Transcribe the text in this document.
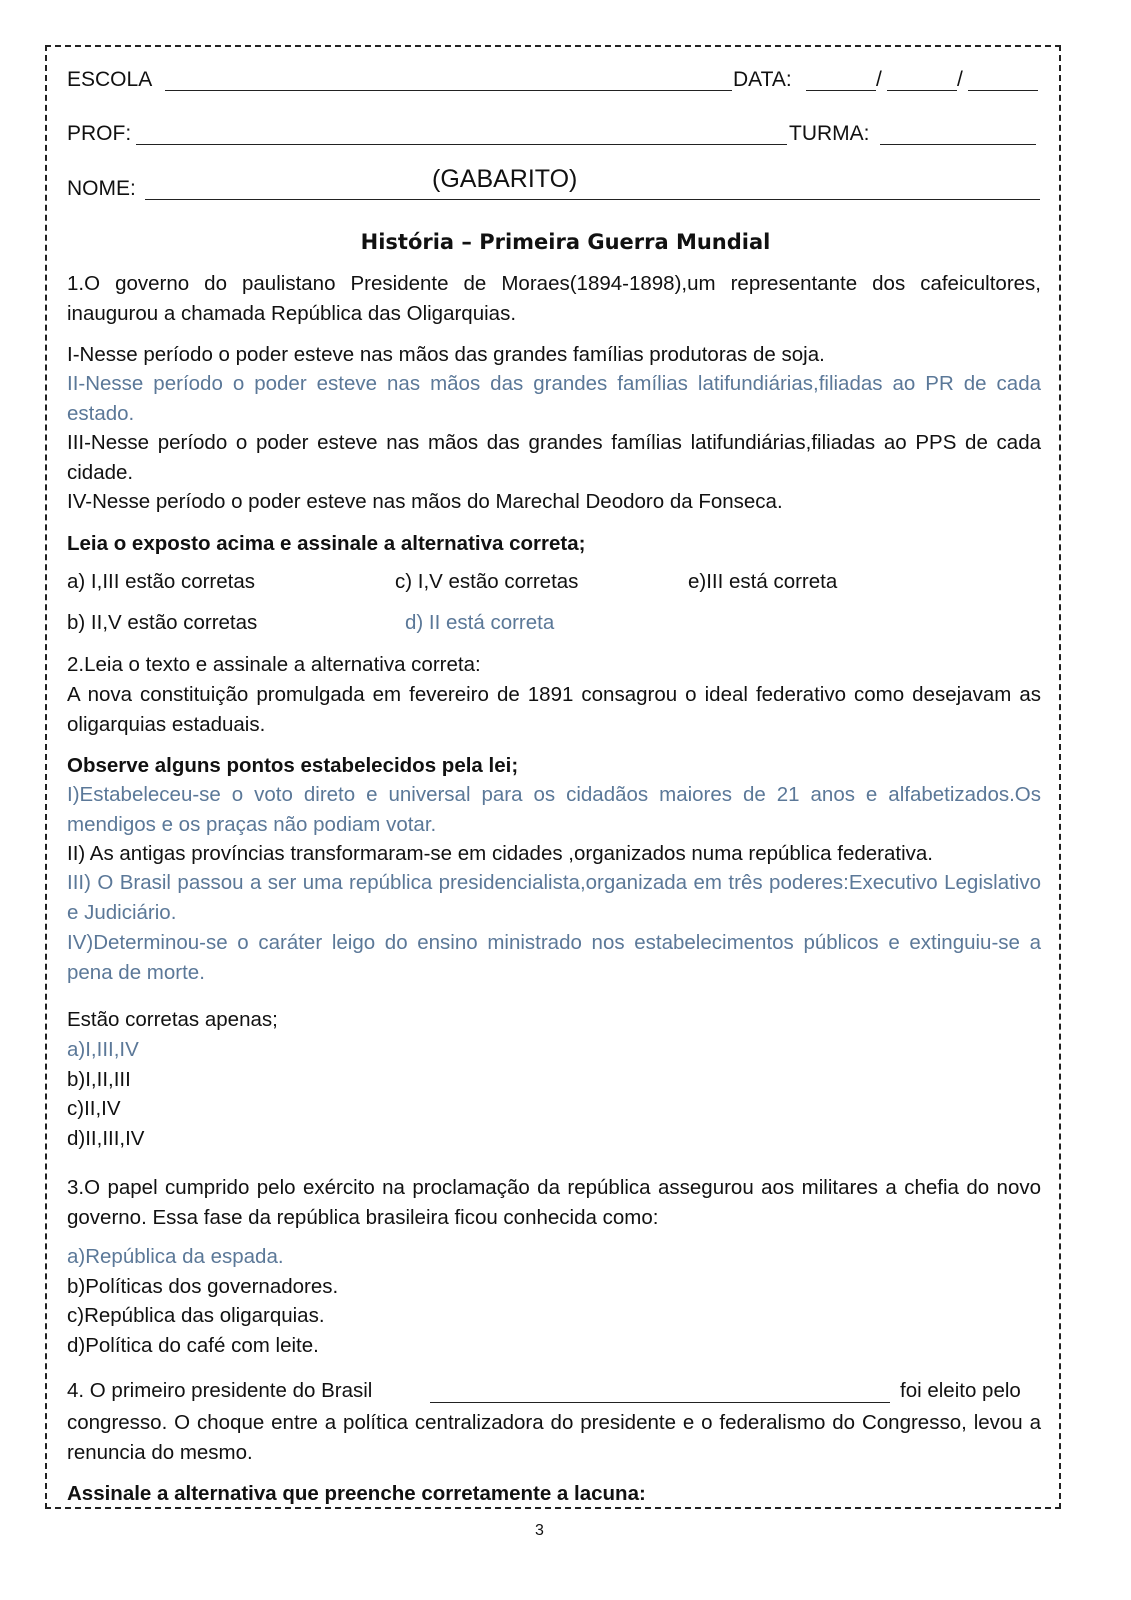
ESCOLA	DATA:	/	/
PROF:	TURMA:
NOME:	(GABARITO)
História – Primeira Guerra Mundial
1.O governo do paulistano Presidente de Moraes(1894-1898),um representante dos cafeicultores, inaugurou a chamada República das Oligarquias.
I-Nesse período o poder esteve nas mãos das grandes famílias produtoras de soja.
II-Nesse período o poder esteve nas mãos das grandes famílias latifundiárias,filiadas ao PR de cada estado.
III-Nesse período o poder esteve nas mãos das grandes famílias latifundiárias,filiadas ao PPS de cada cidade.
IV-Nesse período o poder esteve nas mãos do Marechal Deodoro da Fonseca.
Leia o exposto acima e assinale a alternativa correta;
a) I,III estão corretas	c) I,V estão corretas	e)III está correta
b) II,V estão corretas	d) II está correta
2.Leia o texto e assinale a alternativa correta:
A nova constituição promulgada em fevereiro de 1891 consagrou o ideal federativo como desejavam as oligarquias estaduais.
Observe alguns pontos estabelecidos pela lei;
I)Estabeleceu-se o voto direto e universal para os cidadãos maiores de 21 anos e alfabetizados.Os mendigos e os praças não podiam votar.
II) As antigas províncias transformaram-se em cidades ,organizados numa república federativa.
III) O Brasil passou a ser uma república presidencialista,organizada em três poderes:Executivo Legislativo e Judiciário.
IV)Determinou-se o caráter leigo do ensino ministrado nos estabelecimentos públicos e extinguiu-se a pena de morte.
Estão corretas apenas;
a)I,III,IV
b)I,II,III
c)II,IV
d)II,III,IV
3.O papel cumprido pelo exército na proclamação da república assegurou aos militares a chefia do novo governo. Essa fase da república brasileira ficou conhecida como:
a)República da espada.
b)Políticas dos governadores.
c)República das oligarquias.
d)Política do café com leite.
4. O primeiro presidente do Brasil	foi eleito pelo
congresso. O choque entre a política centralizadora do presidente e o federalismo do Congresso, levou a renuncia do mesmo.
Assinale a alternativa que preenche corretamente a lacuna:
3
